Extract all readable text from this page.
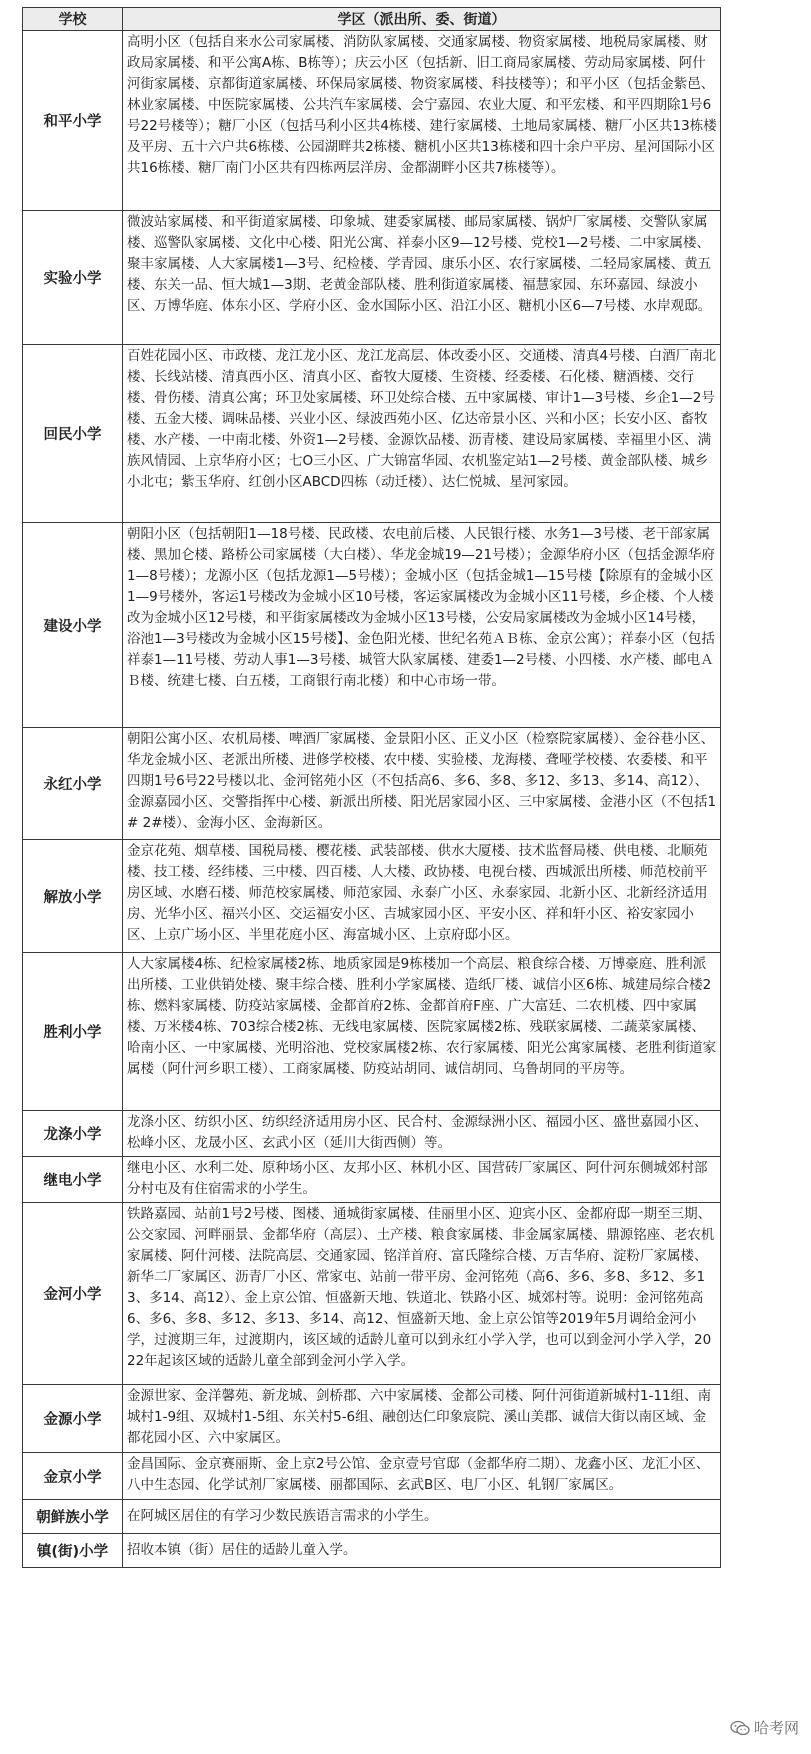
学校	学区（派出所、委、街道）
和平小学	高明小区（包括自来水公司家属楼、消防队家属楼、交通家属楼、物资家属楼、地税局家属楼、财政局家属楼、和平公寓A栋、B栋等）；庆云小区（包括新、旧工商局家属楼、劳动局家属楼、阿什河街家属楼、京都街道家属楼、环保局家属楼、物资家属楼、科技楼等）；和平小区（包括金紫邑、林业家属楼、中医院家属楼、公共汽车家属楼、会宁嘉园、农业大厦、和平宏楼、和平四期除1号6号22号楼等）；糖厂小区（包括马利小区共4栋楼、建行家属楼、土地局家属楼、糖厂小区共13栋楼及平房、五十六户共6栋楼、公园湖畔共2栋楼、糖机小区共13栋楼和四十余户平房、星河国际小区共16栋楼、糖厂南门小区共有四栋两层洋房、金都湖畔小区共7栋楼等）。
实验小学	微波站家属楼、和平街道家属楼、印象城、建委家属楼、邮局家属楼、锅炉厂家属楼、交警队家属楼、巡警队家属楼、文化中心楼、阳光公寓、祥泰小区9—12号楼、党校1—2号楼、二中家属楼、聚丰家属楼、人大家属楼1—3号、纪检楼、学青园、康乐小区、农行家属楼、二轻局家属楼、黄五楼、东关一品、恒大城1—3期、老黄金部队楼、胜利街道家属楼、福慧家园、东环嘉园、绿波小区、万博华庭、体东小区、学府小区、金水国际小区、沿江小区、糖机小区6—7号楼、水岸观邸。
回民小学	百姓花园小区、市政楼、龙江龙小区、龙江龙高层、体改委小区、交通楼、清真4号楼、白酒厂南北楼、长线站楼、清真西小区、清真小区、畜牧大厦楼、生资楼、经委楼、石化楼、糖酒楼、交行楼、骨伤楼、清真公寓；环卫处家属楼、环卫处综合楼、五中家属楼、审计1—3号楼、乡企1—2号楼、五金大楼、调味品楼、兴业小区、绿波西苑小区、亿达帝景小区、兴和小区；长安小区、畜牧楼、水产楼、一中南北楼、外资1—2号楼、金源饮品楼、沥青楼、建设局家属楼、幸福里小区、满族风情园、上京华府小区；七O三小区、广大锦富华园、农机鉴定站1—2号楼、黄金部队楼、城乡小北屯；紫玉华府、红创小区ABCD四栋（动迁楼）、达仁悦城、星河家园。
建设小学	朝阳小区（包括朝阳1—18号楼、民政楼、农电前后楼、人民银行楼、水务1—3号楼、老干部家属楼、黑加仑楼、路桥公司家属楼（大白楼）、华龙金城19—21号楼）；金源华府小区（包括金源华府1—8号楼）；龙源小区（包括龙源1—5号楼）；金城小区（包括金城1—15号楼【除原有的金城小区1—9号楼外，客运1号楼改为金城小区10号楼，客运家属楼改为金城小区11号楼，乡企楼、个人楼改为金城小区12号楼，和平街家属楼改为金城小区13号楼，公安局家属楼改为金城小区14号楼，浴池1—3号楼改为金城小区15号楼】、金色阳光楼、世纪名苑ＡＢ栋、金京公寓）；祥泰小区（包括祥泰1—11号楼、劳动人事1—3号楼、城管大队家属楼、建委1—2号楼、小四楼、水产楼、邮电ＡＢ楼、统建七楼、白五楼，工商银行南北楼）和中心市场一带。
永红小学	朝阳公寓小区、农机局楼、啤酒厂家属楼、金景阳小区、正义小区（检察院家属楼）、金谷巷小区、华龙金城小区、老派出所楼、进修学校楼、农中楼、实验楼、龙海楼、聋哑学校楼、农委楼、和平四期1号6号22号楼以北、金河铭苑小区（不包括高6、多6、多8、多12、多13、多14、高12）、金源嘉园小区、交警指挥中心楼、新派出所楼、阳光居家园小区、三中家属楼、金港小区（不包括1# 2#楼）、金海小区、金海新区。
解放小学	金京花苑、烟草楼、国税局楼、樱花楼、武装部楼、供水大厦楼、技术监督局楼、供电楼、北顺苑楼、技工楼、经纬楼、三中楼、四百楼、人大楼、政协楼、电视台楼、西城派出所楼、师范校前平房区域、水磨石楼、师范校家属楼、师范家园、永泰广小区、永泰家园、北新小区、北新经济适用房、光华小区、福兴小区、交运福安小区、吉城家园小区、平安小区、祥和轩小区、裕安家园小区、上京广场小区、半里花庭小区、海富城小区、上京府邸小区。
胜利小学	人大家属楼4栋、纪检家属楼2栋、地质家园是9栋楼加一个高层、粮食综合楼、万博豪庭、胜利派出所楼、工业供销处楼、聚丰综合楼、胜利小学家属楼、造纸厂楼、诚信小区6栋、城建局综合楼2栋、燃料家属楼、防疫站家属楼、金都首府2栋、金都首府F座、广大富廷、二农机楼、四中家属楼、万米楼4栋、703综合楼2栋、无线电家属楼、医院家属楼2栋、残联家属楼、二蔬菜家属楼、哈南小区、一中家属楼、光明浴池、党校家属楼2栋、农行家属楼、阳光公寓家属楼、老胜利街道家属楼（阿什河乡职工楼）、工商家属楼、防疫站胡同、诚信胡同、乌鲁胡同的平房等。
龙涤小学	龙涤小区、纺织小区、纺织经济适用房小区、民合村、金源绿洲小区、福园小区、盛世嘉园小区、松峰小区、龙晟小区、玄武小区（延川大街西侧）等。
继电小学	继电小区、水利二处、原种场小区、友邦小区、林机小区、国营砖厂家属区、阿什河东侧城郊村部分村屯及有住宿需求的小学生。
金河小学	铁路嘉园、站前1号2号楼、图楼、通城街家属楼、佳丽里小区、迎宾小区、金都府邸一期至三期、公交家园、河畔丽景、金都华府（高层）、土产楼、粮食家属楼、非金属家属楼、鼎源铭座、老农机家属楼、阿什河楼、法院高层、交通家园、铭洋首府、富氏隆综合楼、万吉华府、淀粉厂家属楼、新华二厂家属区、沥青厂小区、常家屯、站前一带平房、金河铭苑（高6、多6、多8、多12、多13、多14、高12）、金上京公馆、恒盛新天地、铁道北、铁路小区、城郊村等。说明：金河铭苑高6、多6、多8、多12、多13、多14、高12、恒盛新天地、金上京公馆等2019年5月调给金河小学，过渡期三年，过渡期内，该区域的适龄儿童可以到永红小学入学，也可以到金河小学入学，2022年起该区域的适龄儿童全部到金河小学入学。
金源小学	金源世家、金洋馨苑、新龙城、剑桥郡、六中家属楼、金都公司楼、阿什河街道新城村1-11组、南城村1-9组、双城村1-5组、东关村5-6组、融创达仁印象宸院、溪山美郡、诚信大街以南区域、金都花园小区、六中家属区。
金京小学	金昌国际、金京赛丽斯、金上京2号公馆、金京壹号官邸（金都华府二期）、龙鑫小区、龙汇小区、八中生态园、化学试剂厂家属楼、丽都国际、玄武B区、电厂小区、轧钢厂家属区。
朝鲜族小学	在阿城区居住的有学习少数民族语言需求的小学生。
镇(街)小学	招收本镇（街）居住的适龄儿童入学。
哈考网
